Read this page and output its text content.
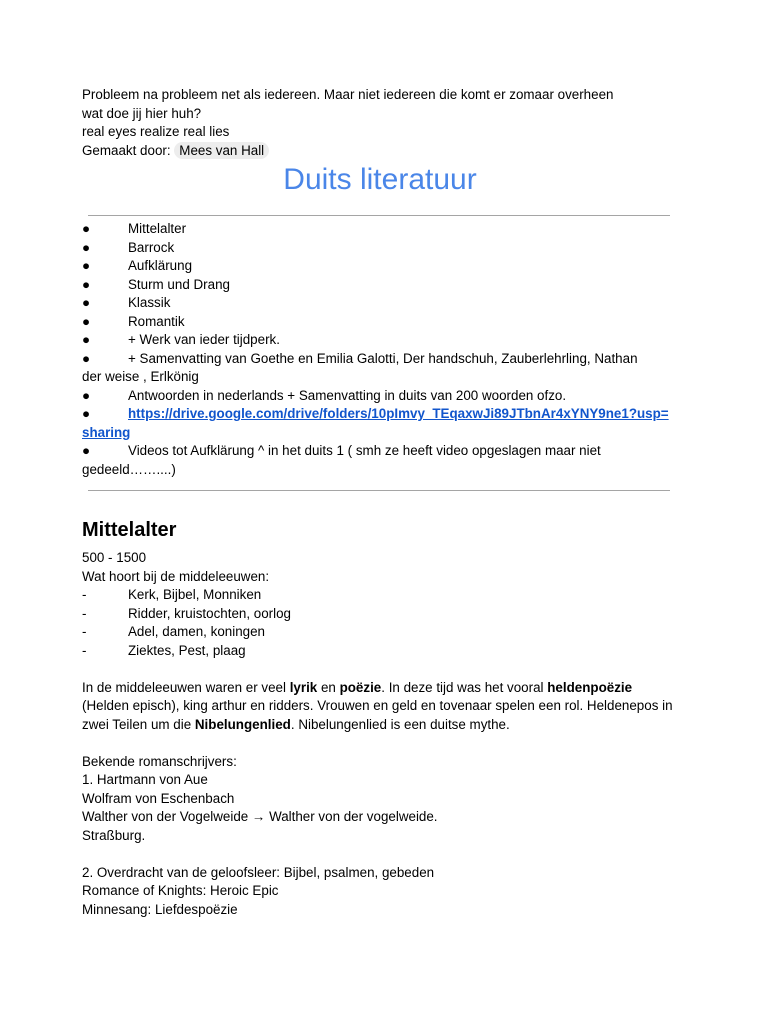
Probleem na probleem net als iedereen. Maar niet iedereen die komt er zomaar overheen
wat doe jij hier huh?
real eyes realize real lies
Gemaakt door: Mees van Hall
Duits literatuur
●	Mittelalter
●	Barrock
●	Aufklärung
●	Sturm und Drang
●	Klassik
●	Romantik
●	+ Werk van ieder tijdperk.
●	+ Samenvatting van Goethe en Emilia Galotti, Der handschuh, Zauberlehrling, Nathan
der weise , Erlkönig
●	Antwoorden in nederlands + Samenvatting in duits van 200 woorden ofzo.
●	https://drive.google.com/drive/folders/10pImvy_TEqaxwJi89JTbnAr4xYNY9ne1?usp=
sharing
●	Videos tot Aufklärung ^ in het duits 1 ( smh ze heeft video opgeslagen maar niet
gedeeld……....)
Mittelalter
500 - 1500
Wat hoort bij de middeleeuwen:
-	Kerk, Bijbel, Monniken
-	Ridder, kruistochten, oorlog
-	Adel, damen, koningen
-	Ziektes, Pest, plaag
In de middeleeuwen waren er veel lyrik en poëzie. In deze tijd was het vooral heldenpoëzie
(Helden episch), king arthur en ridders. Vrouwen en geld en tovenaar spelen een rol. Heldenepos in zwei Teilen um die Nibelungenlied. Nibelungenlied is een duitse mythe.
Bekende romanschrijvers:
1. Hartmann von Aue
Wolfram von Eschenbach
Walther von der Vogelweide → Walther von der vogelweide.
Straßburg.
2. Overdracht van de geloofsleer: Bijbel, psalmen, gebeden
Romance of Knights: Heroic Epic
Minnesang: Liefdespoëzie
